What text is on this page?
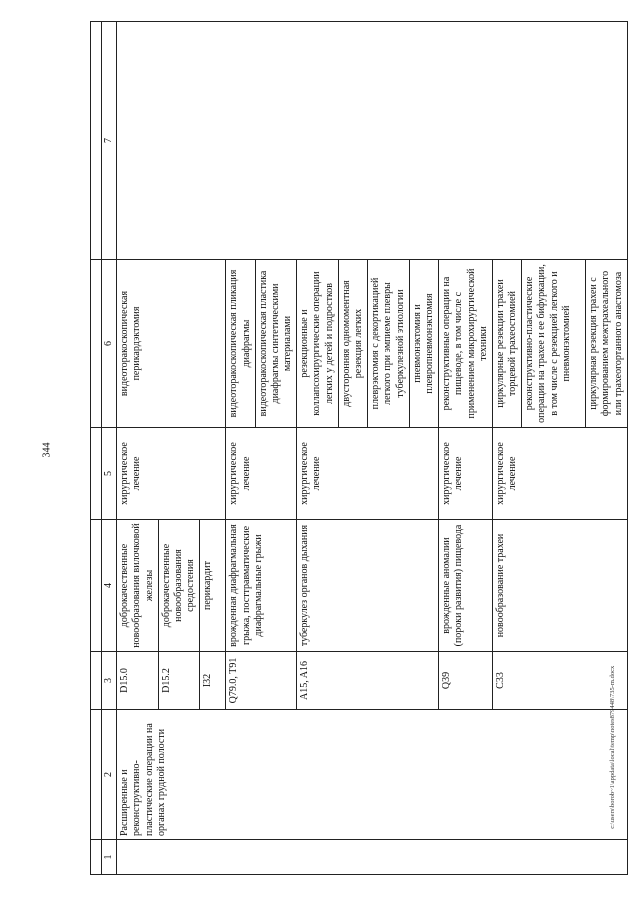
344
c:\users\borob~1\appdata\local\temp\notes879448\735-m.docx

1	2	3	4	5	6	7
	Расширенные и реконструктивно-пластические операции на органах грудной полости	D15.0	доброкачественные новообразования вилочковой железы	хирургическое лечение	видеоторакоскопическая перикардэктомия	
		D15.2	доброкачественные новообразования средостения			
		I32	перикардит			
		Q79.0, T91	врожденная диафрагмальная грыжа, посттравматические диафрагмальные грыжи	хирургическое лечение	видеоторакоскопическая пликация диафрагмы	
					видеоторакоскопическая пластика диафрагмы синтетическими материалами	
		A15, A16	туберкулез органов дыхания	хирургическое лечение	резекционные и коллапсохирургические операции легких у детей и подростков	
					двусторонняя одномоментная резекция легких	
					плеврэктомия с декортикацией легкого при эмпиеме плевры туберкулезной этиологии	
					пневмонэктомия и плевропневмонэктомия	
		Q39	врожденные аномалии (пороки развития) пищевода	хирургическое лечение	реконструктивные операции на пищеводе, в том числе с применением микрохирургической техники	
		C33	новообразование трахеи	хирургическое лечение	циркулярные резекции трахеи торцевой трахеостомией	
					реконструктивно-пластические операции на трахее и ее бифуркации, в том числе с резекцией легкого и пневмонэктомией	
					циркулярная резекция трахеи с формированием межтрахеального или трахеогортанного анастомоза	
